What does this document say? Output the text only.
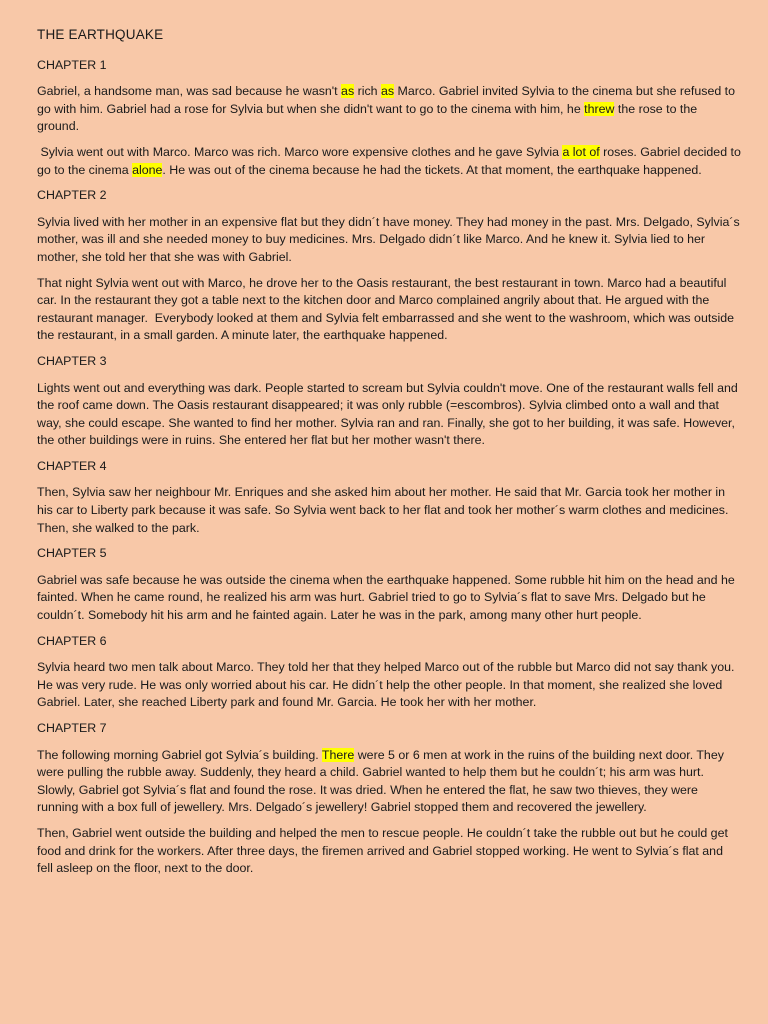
THE EARTHQUAKE
CHAPTER 1
Gabriel, a handsome man, was sad because he wasn't as rich as Marco. Gabriel invited Sylvia to the cinema but she refused to go with him. Gabriel had a rose for Sylvia but when she didn't want to go to the cinema with him, he threw the rose to the ground.
Sylvia went out with Marco. Marco was rich. Marco wore expensive clothes and he gave Sylvia a lot of roses. Gabriel decided to go to the cinema alone. He was out of the cinema because he had the tickets. At that moment, the earthquake happened.
CHAPTER 2
Sylvia lived with her mother in an expensive flat but they didn´t have money. They had money in the past. Mrs. Delgado, Sylvia´s mother, was ill and she needed money to buy medicines. Mrs. Delgado didn´t like Marco. And he knew it. Sylvia lied to her mother, she told her that she was with Gabriel.
That night Sylvia went out with Marco, he drove her to the Oasis restaurant, the best restaurant in town. Marco had a beautiful car. In the restaurant they got a table next to the kitchen door and Marco complained angrily about that. He argued with the restaurant manager.  Everybody looked at them and Sylvia felt embarrassed and she went to the washroom, which was outside the restaurant, in a small garden. A minute later, the earthquake happened.
CHAPTER 3
Lights went out and everything was dark. People started to scream but Sylvia couldn't move. One of the restaurant walls fell and the roof came down. The Oasis restaurant disappeared; it was only rubble (=escombros). Sylvia climbed onto a wall and that way, she could escape. She wanted to find her mother. Sylvia ran and ran. Finally, she got to her building, it was safe. However, the other buildings were in ruins. She entered her flat but her mother wasn't there.
CHAPTER 4
Then, Sylvia saw her neighbour Mr. Enriques and she asked him about her mother. He said that Mr. Garcia took her mother in his car to Liberty park because it was safe. So Sylvia went back to her flat and took her mother´s warm clothes and medicines. Then, she walked to the park.
CHAPTER 5
Gabriel was safe because he was outside the cinema when the earthquake happened. Some rubble hit him on the head and he fainted. When he came round, he realized his arm was hurt. Gabriel tried to go to Sylvia´s flat to save Mrs. Delgado but he couldn´t. Somebody hit his arm and he fainted again. Later he was in the park, among many other hurt people.
CHAPTER 6
Sylvia heard two men talk about Marco. They told her that they helped Marco out of the rubble but Marco did not say thank you. He was very rude. He was only worried about his car. He didn´t help the other people. In that moment, she realized she loved Gabriel. Later, she reached Liberty park and found Mr. Garcia. He took her with her mother.
CHAPTER 7
The following morning Gabriel got Sylvia´s building. There were 5 or 6 men at work in the ruins of the building next door. They were pulling the rubble away. Suddenly, they heard a child. Gabriel wanted to help them but he couldn´t; his arm was hurt. Slowly, Gabriel got Sylvia´s flat and found the rose. It was dried. When he entered the flat, he saw two thieves, they were running with a box full of jewellery. Mrs. Delgado´s jewellery! Gabriel stopped them and recovered the jewellery.
Then, Gabriel went outside the building and helped the men to rescue people. He couldn´t take the rubble out but he could get food and drink for the workers. After three days, the firemen arrived and Gabriel stopped working. He went to Sylvia´s flat and fell asleep on the floor, next to the door.
